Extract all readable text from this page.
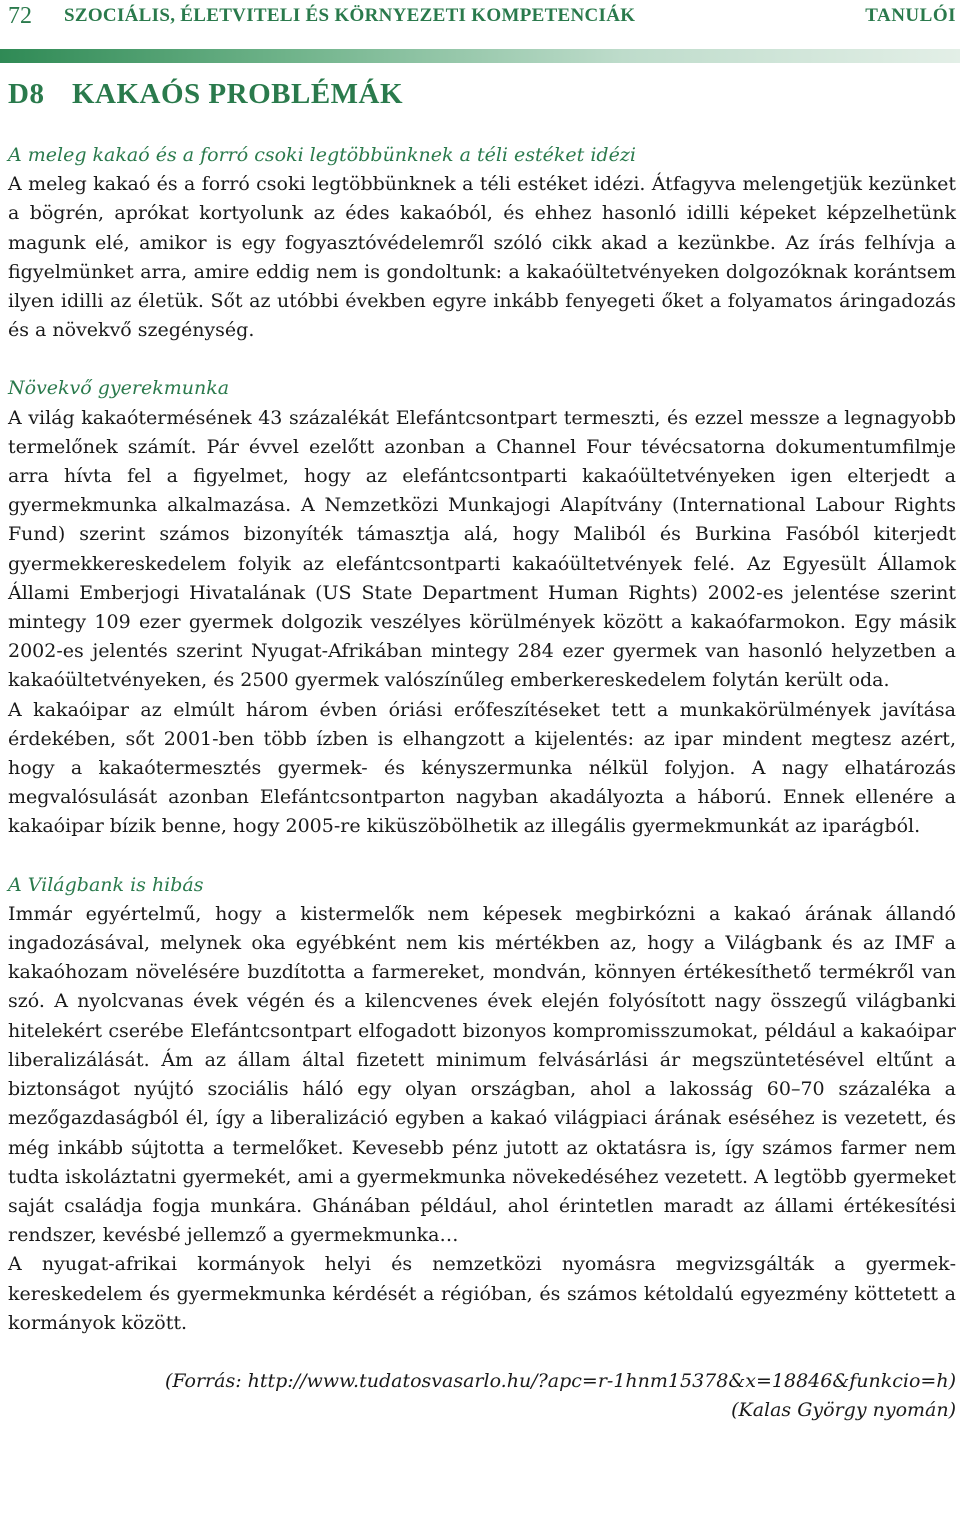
72	SZOCIÁLIS, ÉLETVITELI ÉS KÖRNYEZETI KOMPETENCIÁK	TANULÓI
D8 KAKAÓS PROBLÉMÁK

A meleg kakaó és a forró csoki legtöbbünknek a téli estéket idézi

A meleg kakaó és a forró csoki legtöbbünknek a téli estéket idézi. Átfagyva melengetjük kezünket a bögrén, aprókat kortyolunk az édes kakaóból, és ehhez hasonló idilli képeket képzelhetünk magunk elé, amikor is egy fogyasztóvédelemről szóló cikk akad a kezünkbe. Az írás felhívja a figyelmünket arra, amire eddig nem is gondoltunk: a kakaóültetvényeken dolgozóknak korántsem ilyen idilli az életük. Sőt az utóbbi években egyre inkább fenyegeti őket a folyamatos áringadozás és a növekvő szegénység.

Növekvő gyerekmunka

A világ kakaótermésének 43 százalékát Elefántcsontpart termeszti, és ezzel messze a legnagyobb termelőnek számít. Pár évvel ezelőtt azonban a Channel Four tévécsatorna dokumentumfilmje arra hívta fel a figyelmet, hogy az elefántcsontparti kakaóültetvényeken igen elterjedt a gyermekmunka alkalmazása. A Nemzetközi Munkajogi Alapítvány (International Labour Rights Fund) szerint számos bizonyíték támasztja alá, hogy Maliból és Burkina Fasóból kiterjedt gyermekkereskedelem folyik az elefántcsontparti kakaóültetvények felé. Az Egyesült Államok Állami Emberjogi Hivatalának (US State Department Human Rights) 2002-es jelentése szerint mintegy 109 ezer gyermek dolgozik veszélyes körülmények között a kakaófarmokon. Egy másik 2002-es jelentés szerint Nyugat-Afrikában mintegy 284 ezer gyermek van hasonló helyzetben a kakaóültetvényeken, és 2500 gyermek valószínűleg emberkereskedelem folytán került oda.

A kakaóipar az elmúlt három évben óriási erőfeszítéseket tett a munkakörülmények javítása érdekében, sőt 2001-ben több ízben is elhangzott a kijelentés: az ipar mindent megtesz azért, hogy a kakaótermesztés gyermek- és kényszermunka nélkül folyjon. A nagy elhatározás megvalósulását azonban Elefántcsontparton nagyban akadályozta a háború. Ennek ellenére a kakaóipar bízik benne, hogy 2005-re kiküszöbölhetik az illegális gyermekmunkát az iparágból.

A Világbank is hibás

Immár egyértelmű, hogy a kistermelők nem képesek megbirkózni a kakaó árának állandó ingadozásával, melynek oka egyébként nem kis mértékben az, hogy a Világbank és az IMF a kakaóhozam növelésére buzdította a farmereket, mondván, könnyen értékesíthető termékről van szó. A nyolcvanas évek végén és a kilencvenes évek elején folyósított nagy összegű világbanki hitelekért cserébe Elefántcsontpart elfogadott bizonyos kompromisszumokat, például a kakaóipar liberalizálását. Ám az állam által fizetett minimum felvásárlási ár megszüntetésével eltűnt a biztonságot nyújtó szociális háló egy olyan országban, ahol a lakosság 60–70 százaléka a mezőgazdaságból él, így a liberalizáció egyben a kakaó világpiaci árának eséséhez is vezetett, és még inkább sújtotta a termelőket. Kevesebb pénz jutott az oktatásra is, így számos farmer nem tudta iskoláztatni gyermekét, ami a gyermekmunka növekedéséhez vezetett. A legtöbb gyermeket saját családja fogja munkára. Ghánában például, ahol érintetlen maradt az állami értékesítési rendszer, kevésbé jellemző a gyermekmunka…

A nyugat-afrikai kormányok helyi és nemzetközi nyomásra megvizsgálták a gyermekkereskedelem és gyermekmunka kérdését a régióban, és számos kétoldalú egyezmény köttetett a kormányok között.

(Forrás: http://www.tudatosvasarlo.hu/?apc=r-1hnm15378&x=18846&funkcio=h)

(Kalas György nyomán)
